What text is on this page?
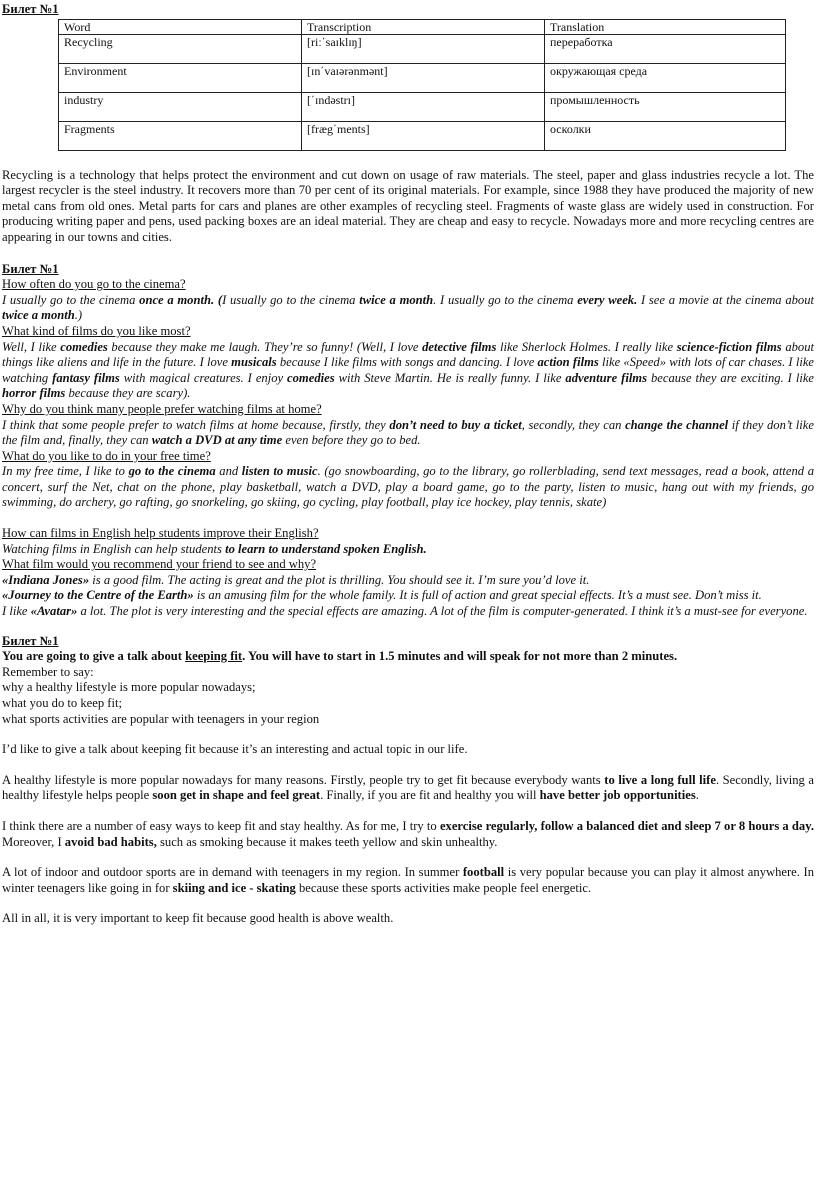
Билет №1
Word	Transcription	Translation
Recycling	[riː΄saɪklɪŋ]	переработка
Environment	[ɪn΄vaɪərənmənt]	окружающая среда
industry	[΄ɪndəstrɪ]	промышленность
Fragments	[fræg΄ments]	осколки

Recycling is a technology that helps protect the environment and cut down on usage of raw materials. The steel, paper and glass industries recycle a lot. The largest recycler is the steel industry. It recovers more than 70 per cent of its original materials. For example, since 1988 they have produced the majority of new metal cans from old ones. Metal parts for cars and planes are other examples of recycling steel. Fragments of waste glass are widely used in construction. For producing writing paper and pens, used packing boxes are an ideal material. They are cheap and easy to recycle. Nowadays more and more recycling centres are appearing in our towns and cities.

Билет №1

How often do you go to the cinema?

I usually go to the cinema once a month. (I usually go to the cinema twice a month. I usually go to the cinema every week. I see a movie at the cinema about twice a month.)

What kind of films do you like most?

Well, I like comedies because they make me laugh. They’re so funny! (Well, I love detective films like Sherlock Holmes. I really like science-fiction films about things like aliens and life in the future. I love musicals because I like films with songs and dancing. I love action films like «Speed» with lots of car chases. I like watching fantasy films with magical creatures. I enjoy comedies with Steve Martin. He is really funny. I like adventure films because they are exciting. I like horror films because they are scary).

Why do you think many people prefer watching films at home?

I think that some people prefer to watch films at home because, firstly, they don’t need to buy a ticket, secondly, they can change the channel if they don’t like the film and, finally, they can watch a DVD at any time even before they go to bed.

What do you like to do in your free time?

In my free time, I like to go to the cinema and listen to music. (go snowboarding, go to the library, go rollerblading, send text messages, read a book, attend a concert, surf the Net, chat on the phone, play basketball, watch a DVD, play a board game, go to the party, listen to music, hang out with my friends, go swimming, do archery, go rafting, go snorkeling, go skiing, go cycling, play football, play ice hockey, play tennis, skate)

How can films in English help students improve their English?

Watching films in English can help students to learn to understand spoken English.

What film would you recommend your friend to see and why?

«Indiana Jones» is a good film. The acting is great and the plot is thrilling. You should see it. I’m sure you’d love it.

«Journey to the Centre of the Earth» is an amusing film for the whole family. It is full of action and great special effects. It’s a must see. Don’t miss it.

I like «Avatar» a lot. The plot is very interesting and the special effects are amazing. A lot of the film is computer-generated. I think it’s a must-see for everyone.

Билет №1

You are going to give a talk about keeping fit. You will have to start in 1.5 minutes and will speak for not more than 2 minutes.

Remember to say:

why a healthy lifestyle is more popular nowadays;

what you do to keep fit;

what sports activities are popular with teenagers in your region

I’d like to give a talk about keeping fit because it’s an interesting and actual topic in our life.

A healthy lifestyle is more popular nowadays for many reasons. Firstly, people try to get fit because everybody wants to live a long full life. Secondly, living a healthy lifestyle helps people soon get in shape and feel great. Finally, if you are fit and healthy you will have better job opportunities.

I think there are a number of easy ways to keep fit and stay healthy. As for me, I try to exercise regularly, follow a balanced diet and sleep 7 or 8 hours a day. Moreover, I avoid bad habits, such as smoking because it makes teeth yellow and skin unhealthy.

A lot of indoor and outdoor sports are in demand with teenagers in my region. In summer football is very popular because you can play it almost anywhere. In winter teenagers like going in for skiing and ice - skating because these sports activities make people feel energetic.

All in all, it is very important to keep fit because good health is above wealth.
